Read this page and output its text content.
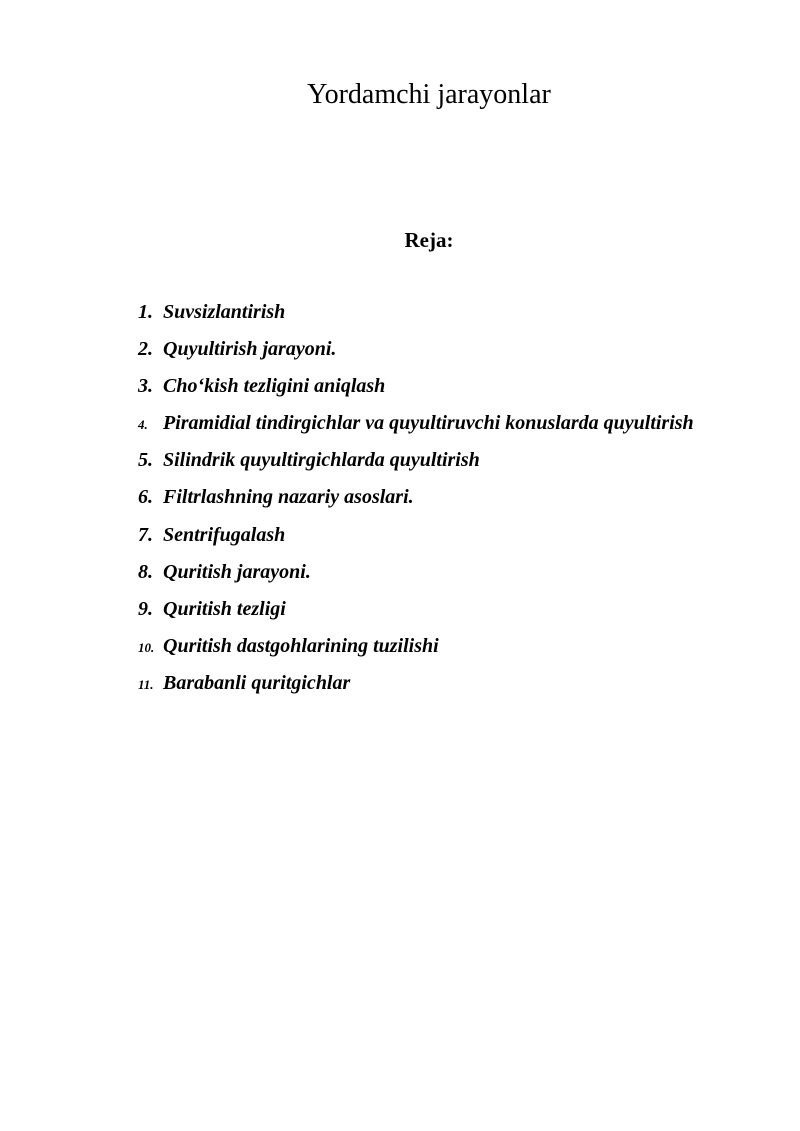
Yordamchi jarayonlar
Reja:
1. Suvsizlantirish
2. Quyultirish jarayoni.
3. Cho‘kish tezligini aniqlash
4. Piramidial tindirgichlar va quyultiruvchi konuslarda quyultirish
5. Silindrik quyultirgichlarda quyultirish
6. Filtrlashning nazariy asoslari.
7. Sentrifugalash
8. Quritish jarayoni.
9. Quritish tezligi
10. Quritish dastgohlarining tuzilishi
11. Barabanli quritgichlar
